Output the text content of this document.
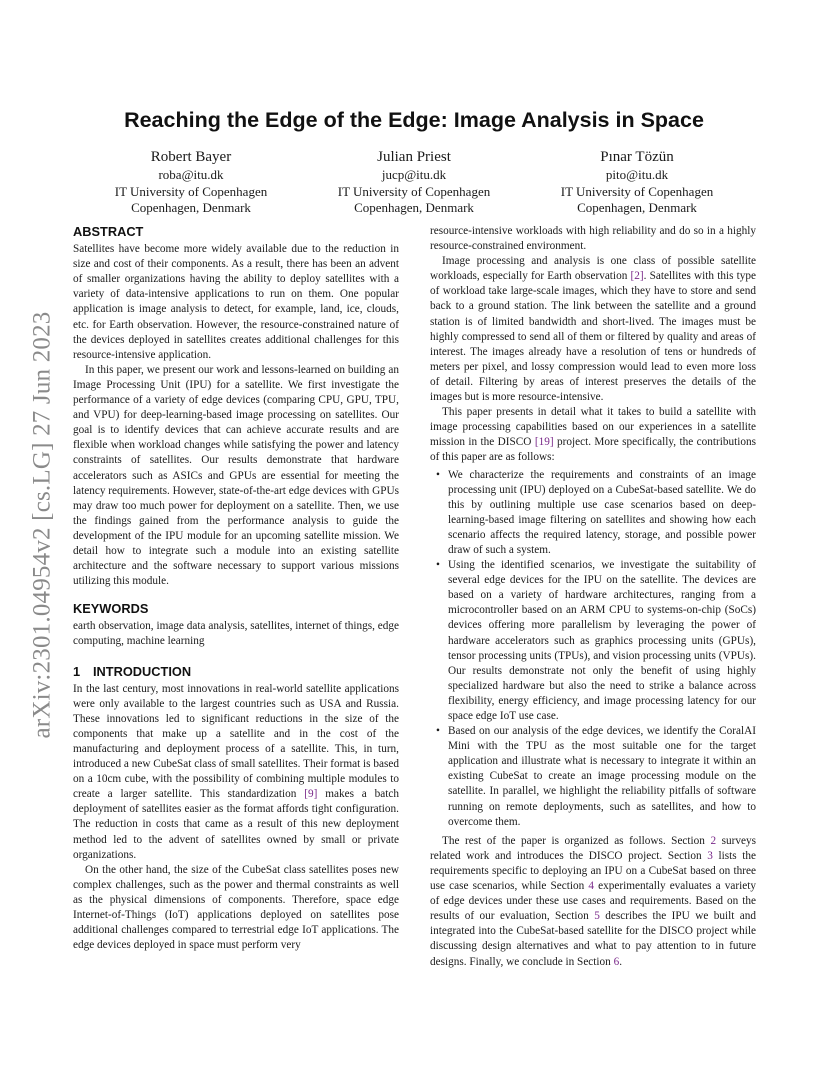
arXiv:2301.04954v2 [cs.LG] 27 Jun 2023
Reaching the Edge of the Edge: Image Analysis in Space
Robert Bayer
roba@itu.dk
IT University of Copenhagen
Copenhagen, Denmark
Julian Priest
jucp@itu.dk
IT University of Copenhagen
Copenhagen, Denmark
Pınar Tözün
pito@itu.dk
IT University of Copenhagen
Copenhagen, Denmark
ABSTRACT

Satellites have become more widely available due to the reduction in size and cost of their components. As a result, there has been an advent of smaller organizations having the ability to deploy satellites with a variety of data-intensive applications to run on them. One popular application is image analysis to detect, for example, land, ice, clouds, etc. for Earth observation. However, the resource-constrained nature of the devices deployed in satellites creates additional challenges for this resource-intensive application.

In this paper, we present our work and lessons-learned on building an Image Processing Unit (IPU) for a satellite. We first investigate the performance of a variety of edge devices (comparing CPU, GPU, TPU, and VPU) for deep-learning-based image processing on satellites. Our goal is to identify devices that can achieve accurate results and are flexible when workload changes while satisfying the power and latency constraints of satellites. Our results demonstrate that hardware accelerators such as ASICs and GPUs are essential for meeting the latency requirements. However, state-of-the-art edge devices with GPUs may draw too much power for deployment on a satellite. Then, we use the findings gained from the performance analysis to guide the development of the IPU module for an upcoming satellite mission. We detail how to integrate such a module into an existing satellite architecture and the software necessary to support various missions utilizing this module.

KEYWORDS

earth observation, image data analysis, satellites, internet of things, edge computing, machine learning

1 INTRODUCTION

In the last century, most innovations in real-world satellite applications were only available to the largest countries such as USA and Russia. These innovations led to significant reductions in the size of the components that make up a satellite and in the cost of the manufacturing and deployment process of a satellite. This, in turn, introduced a new CubeSat class of small satellites. Their format is based on a 10cm cube, with the possibility of combining multiple modules to create a larger satellite. This standardization [9] makes a batch deployment of satellites easier as the format affords tight configuration. The reduction in costs that came as a result of this new deployment method led to the advent of satellites owned by small or private organizations.

On the other hand, the size of the CubeSat class satellites poses new complex challenges, such as the power and thermal constraints as well as the physical dimensions of components. Therefore, space edge Internet-of-Things (IoT) applications deployed on satellites pose additional challenges compared to terrestrial edge IoT applications. The edge devices deployed in space must perform very

resource-intensive workloads with high reliability and do so in a highly resource-constrained environment.

Image processing and analysis is one class of possible satellite workloads, especially for Earth observation [2]. Satellites with this type of workload take large-scale images, which they have to store and send back to a ground station. The link between the satellite and a ground station is of limited bandwidth and short-lived. The images must be highly compressed to send all of them or filtered by quality and areas of interest. The images already have a resolution of tens or hundreds of meters per pixel, and lossy compression would lead to even more loss of detail. Filtering by areas of interest preserves the details of the images but is more resource-intensive.

This paper presents in detail what it takes to build a satellite with image processing capabilities based on our experiences in a satellite mission in the DISCO [19] project. More specifically, the contributions of this paper are as follows:

• We characterize the requirements and constraints of an image processing unit (IPU) deployed on a CubeSat-based satellite. We do this by outlining multiple use case scenarios based on deep-learning-based image filtering on satellites and showing how each scenario affects the required latency, storage, and possible power draw of such a system.
• Using the identified scenarios, we investigate the suitability of several edge devices for the IPU on the satellite. The devices are based on a variety of hardware architectures, ranging from a microcontroller based on an ARM CPU to systems-on-chip (SoCs) devices offering more parallelism by leveraging the power of hardware accelerators such as graphics processing units (GPUs), tensor processing units (TPUs), and vision processing units (VPUs). Our results demonstrate not only the benefit of using highly specialized hardware but also the need to strike a balance across flexibility, energy efficiency, and image processing latency for our space edge IoT use case.
• Based on our analysis of the edge devices, we identify the CoralAI Mini with the TPU as the most suitable one for the target application and illustrate what is necessary to integrate it within an existing CubeSat to create an image processing module on the satellite. In parallel, we highlight the reliability pitfalls of software running on remote deployments, such as satellites, and how to overcome them.

The rest of the paper is organized as follows. Section 2 surveys related work and introduces the DISCO project. Section 3 lists the requirements specific to deploying an IPU on a CubeSat based on three use case scenarios, while Section 4 experimentally evaluates a variety of edge devices under these use cases and requirements. Based on the results of our evaluation, Section 5 describes the IPU we built and integrated into the CubeSat-based satellite for the DISCO project while discussing design alternatives and what to pay attention to in future designs. Finally, we conclude in Section 6.
